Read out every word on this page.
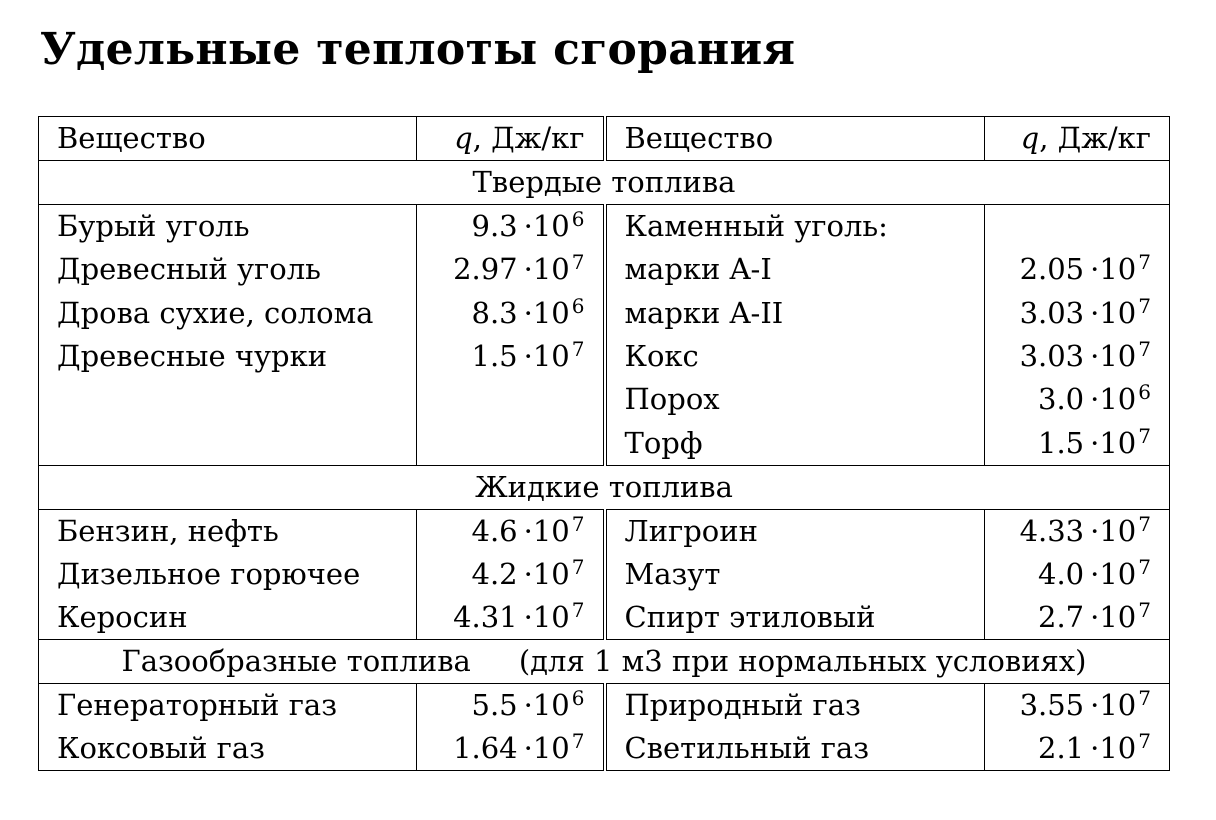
Удельные теплоты сгорания
Вещество	q, Дж/кг	Вещество	q, Дж/кг
Твердые топлива			
Бурый уголь	9.3 ·10 $^6$	Каменный уголь:	
Древесный уголь	2.97 ·10 $^7$	марки A-I	2.05 ·10 $^7$
Дрова сухие, солома	8.3 ·10 $^6$	марки A-II	3.03 ·10 $^7$
Древесные чурки	1.5 ·10 $^7$	Кокс	3.03 ·10 $^7$
		Порох	3.0 ·10 $^6$
		Торф	1.5 ·10 $^7$
Жидкие топлива			
Бензин, нефть	4.6 ·10 $^7$	Лигроин	4.33 ·10 $^7$
Дизельное горючее	4.2 ·10 $^7$	Мазут	4.0 ·10 $^7$
Керосин	4.31 ·10 $^7$	Спирт этиловый	2.7 ·10 $^7$
Газообразные топлива (для 1 м3 при нормальных условиях)			
Генераторный газ	5.5 ·10 $^6$	Природный газ	3.55 ·10 $^7$
Коксовый газ	1.64 ·10 $^7$	Светильный газ	2.1 ·10 $^7$
